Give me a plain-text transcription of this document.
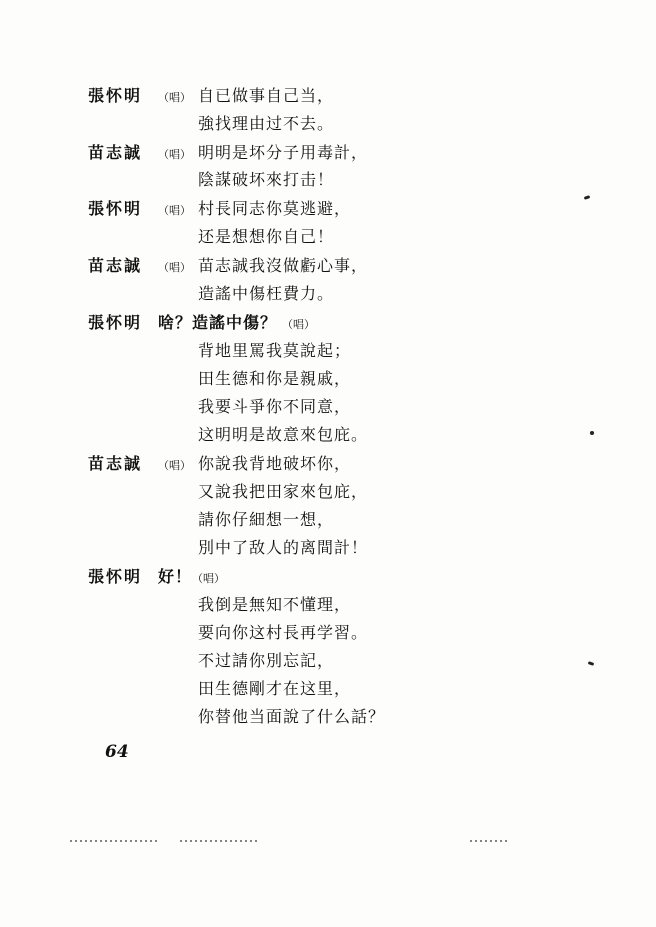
張怀明 （唱） 自已做事自己当，
強找理由过不去。
苗志誠 （唱） 明明是坏分子用毒計，
陰謀破坏來打击！
張怀明 （唱） 村長同志你莫逃避，
还是想想你自己！
苗志誠 （唱） 苗志誠我沒做虧心事，
造謠中傷枉費力。
張怀明 啥？造謠中傷？ （唱）
背地里罵我莫說起；
田生德和你是親戚，
我要斗爭你不同意，
这明明是故意來包庇。
苗志誠 （唱） 你說我背地破坏你，
又說我把田家來包庇，
請你仔細想一想，
別中了敌人的离間計！
張怀明 好！ （唱）
我倒是無知不懂理，
要向你这村長再学習。
不过請你別忘記，
田生德剛才在这里，
你替他当面說了什么話？
64
